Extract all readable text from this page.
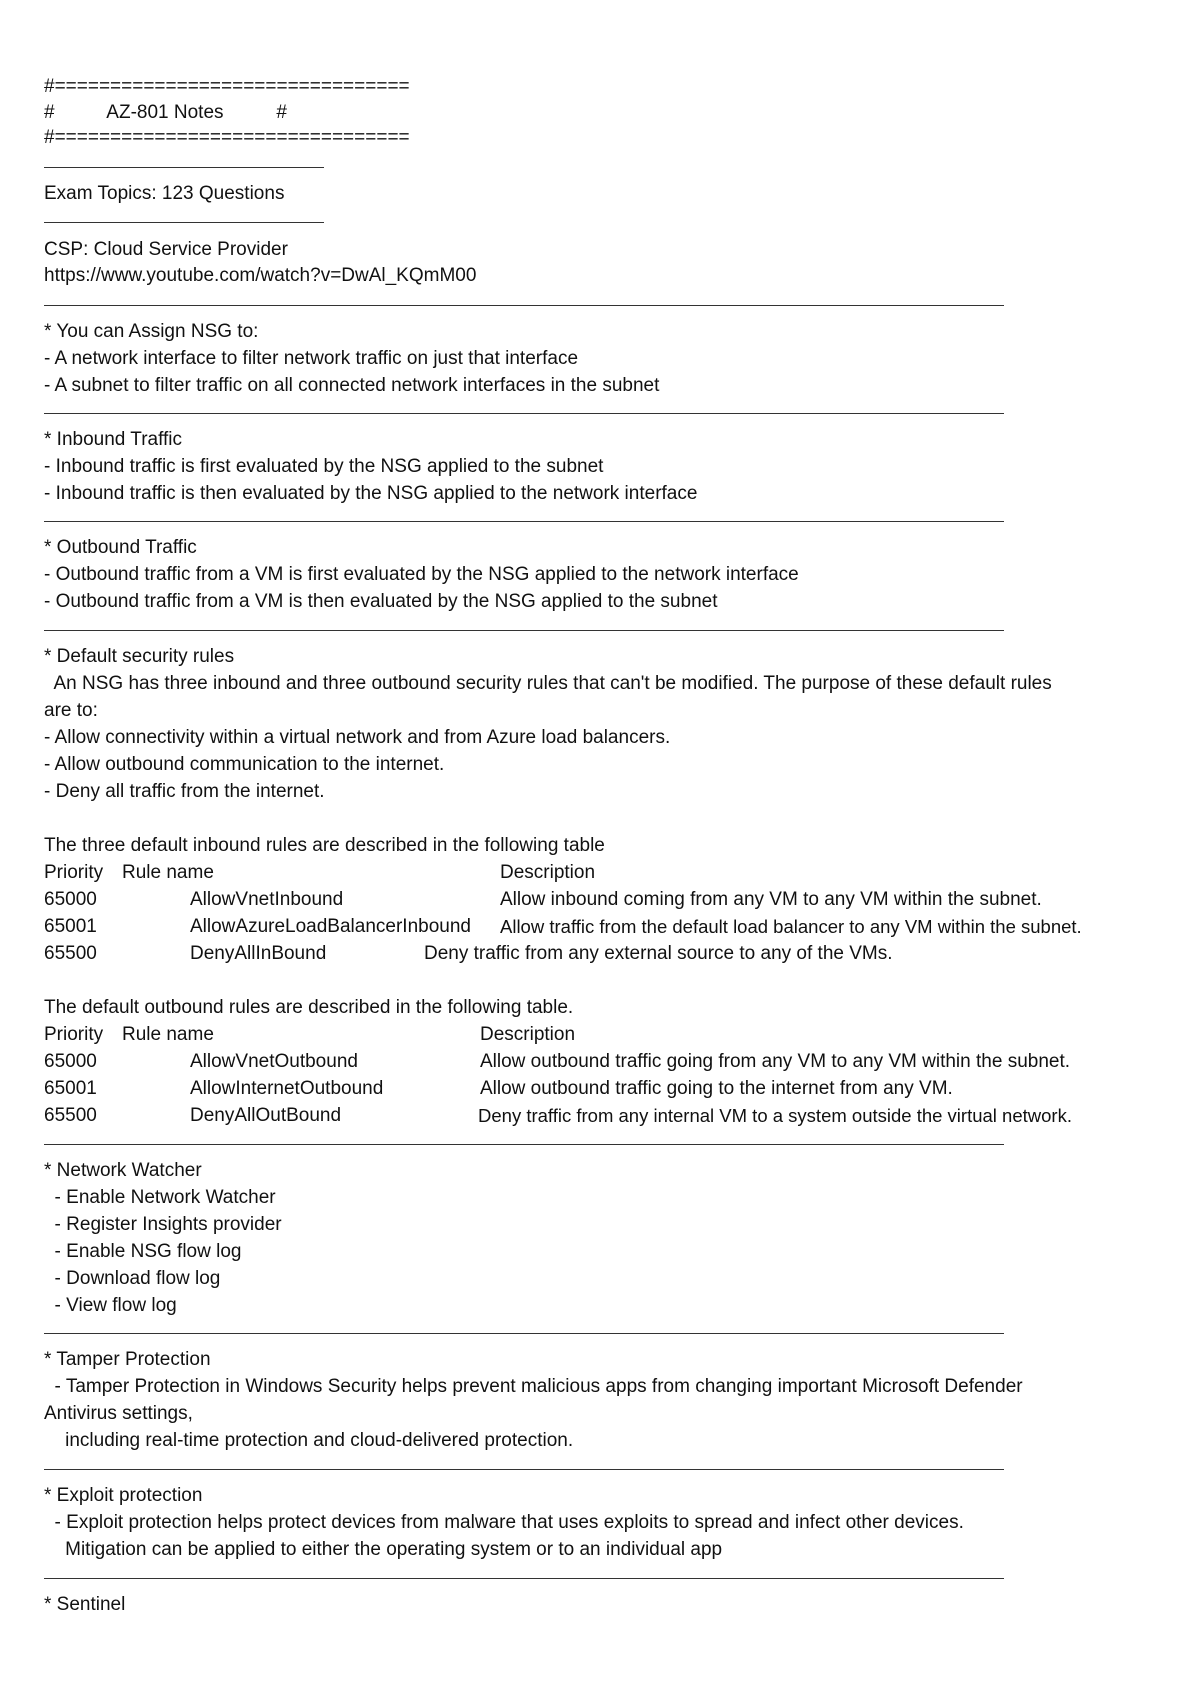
#================================

#          AZ-801 Notes          #

#================================

Exam Topics: 123 Questions

CSP: Cloud Service Provider

https://www.youtube.com/watch?v=DwAl_KQmM00

* You can Assign NSG to:

- A network interface to filter network traffic on just that interface

- A subnet to filter traffic on all connected network interfaces in the subnet

* Inbound Traffic

- Inbound traffic is first evaluated by the NSG applied to the subnet

- Inbound traffic is then evaluated by the NSG applied to the network interface

* Outbound Traffic

- Outbound traffic from a VM is first evaluated by the NSG applied to the network interface

- Outbound traffic from a VM is then evaluated by the NSG applied to the subnet

* Default security rules

An NSG has three inbound and three outbound security rules that can't be modified. The purpose of these default rules

are to:

- Allow connectivity within a virtual network and from Azure load balancers.

- Allow outbound communication to the internet.

- Deny all traffic from the internet.

The three default inbound rules are described in the following table

Priority Rule name	Description
65000	AllowVnetInbound	Allow inbound coming from any VM to any VM within the subnet.
65001	AllowAzureLoadBalancerInbound Allow traffic from the default load balancer to any VM within the subnet.
65500	DenyAllInBound	Deny traffic from any external source to any of the VMs.

The default outbound rules are described in the following table.

Priority Rule name	Description
65000	AllowVnetOutbound	Allow outbound traffic going from any VM to any VM within the subnet.
65001	AllowInternetOutbound	Allow outbound traffic going to the internet from any VM.
65500	DenyAllOutBound	Deny traffic from any internal VM to a system outside the virtual network.

* Network Watcher

- Enable Network Watcher

- Register Insights provider

- Enable NSG flow log

- Download flow log

- View flow log

* Tamper Protection

- Tamper Protection in Windows Security helps prevent malicious apps from changing important Microsoft Defender

Antivirus settings,

including real-time protection and cloud-delivered protection.

* Exploit protection

- Exploit protection helps protect devices from malware that uses exploits to spread and infect other devices.

Mitigation can be applied to either the operating system or to an individual app

* Sentinel
